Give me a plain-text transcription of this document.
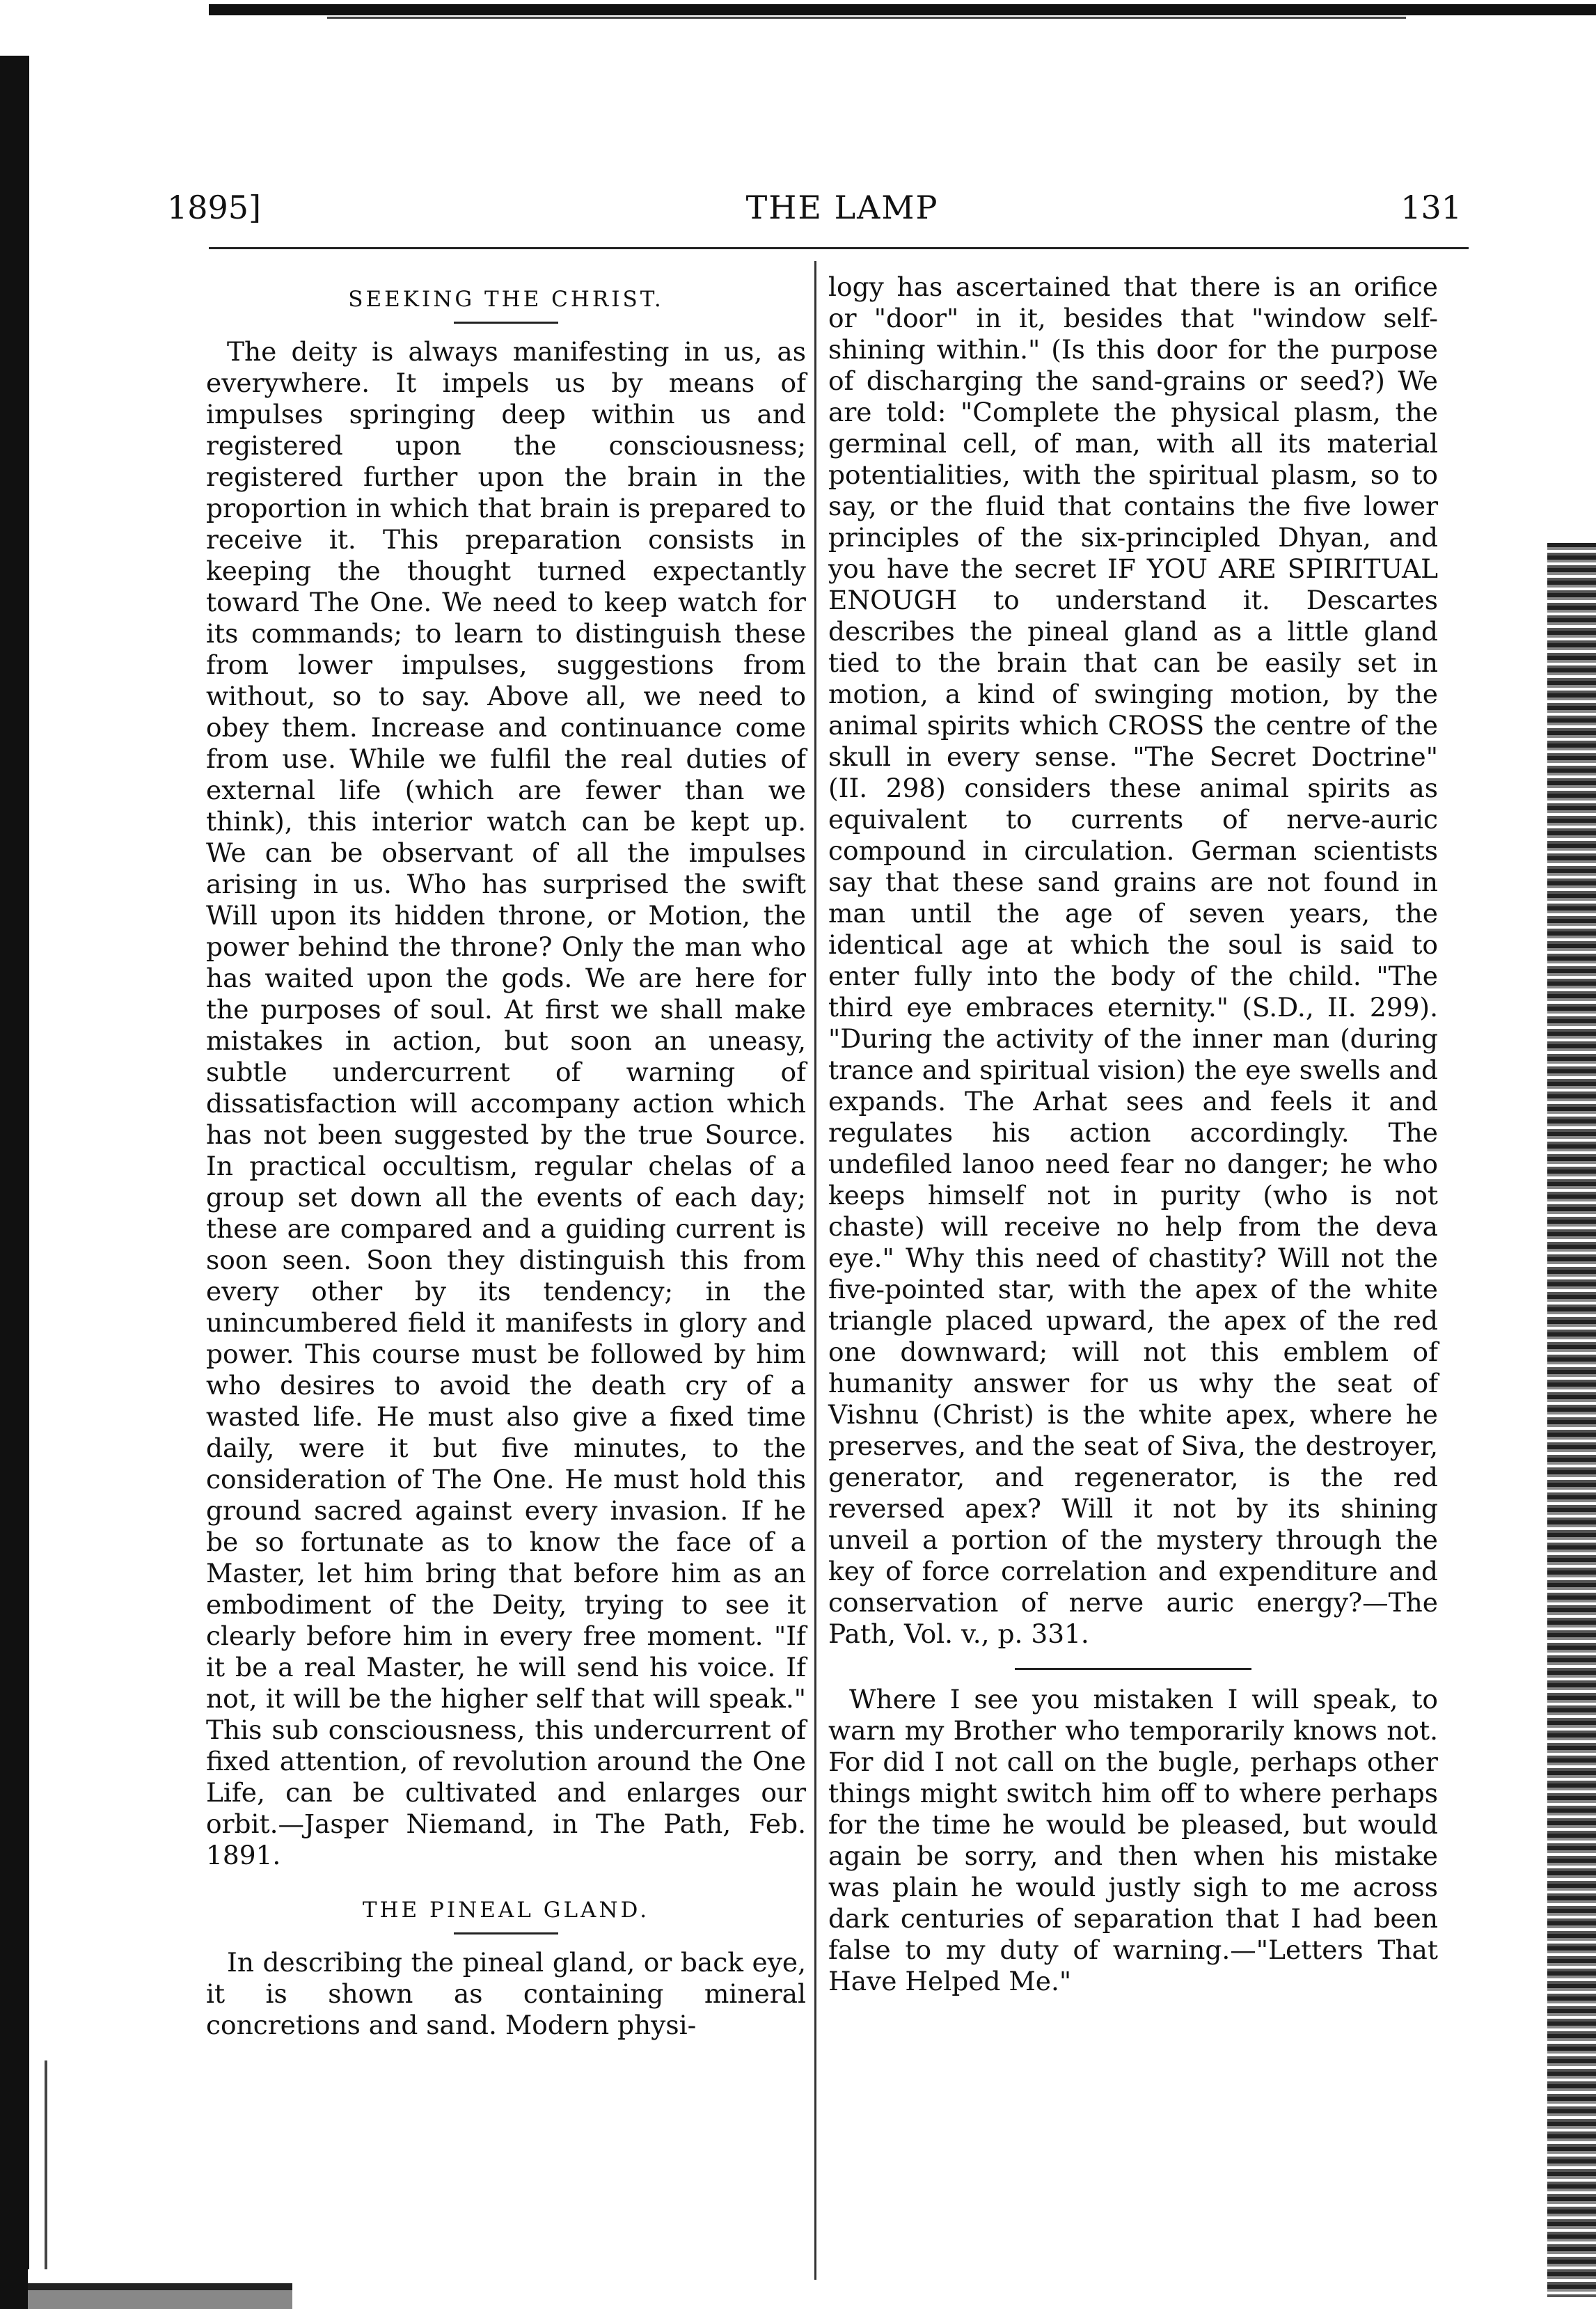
1895]	THE LAMP	131
SEEKING THE CHRIST.

The deity is always manifesting in us, as everywhere. It impels us by means of impulses springing deep within us and registered upon the consciousness; registered further upon the brain in the proportion in which that brain is prepared to receive it. This preparation consists in keeping the thought turned expectantly toward The One. We need to keep watch for its commands; to learn to distinguish these from lower impulses, suggestions from without, so to say. Above all, we need to obey them. Increase and continuance come from use. While we fulfil the real duties of external life (which are fewer than we think), this interior watch can be kept up. We can be observant of all the impulses arising in us. Who has surprised the swift Will upon its hidden throne, or Motion, the power behind the throne? Only the man who has waited upon the gods. We are here for the purposes of soul. At first we shall make mistakes in action, but soon an uneasy, subtle undercurrent of warning of dissatisfaction will accompany action which has not been suggested by the true Source. In practical occultism, regular chelas of a group set down all the events of each day; these are compared and a guiding current is soon seen. Soon they distinguish this from every other by its tendency; in the unincumbered field it manifests in glory and power. This course must be followed by him who desires to avoid the death cry of a wasted life. He must also give a fixed time daily, were it but five minutes, to the consideration of The One. He must hold this ground sacred against every invasion. If he be so fortunate as to know the face of a Master, let him bring that before him as an embodiment of the Deity, trying to see it clearly before him in every free moment. "If it be a real Master, he will send his voice. If not, it will be the higher self that will speak." This sub consciousness, this undercurrent of fixed attention, of revolution around the One Life, can be cultivated and enlarges our orbit.—Jasper Niemand, in The Path, Feb. 1891.

THE PINEAL GLAND.

In describing the pineal gland, or back eye, it is shown as containing mineral concretions and sand. Modern physi-

logy has ascertained that there is an orifice or "door" in it, besides that "window self-shining within." (Is this door for the purpose of discharging the sand-grains or seed?) We are told: "Complete the physical plasm, the germinal cell, of man, with all its material potentialities, with the spiritual plasm, so to say, or the fluid that contains the five lower principles of the six-principled Dhyan, and you have the secret IF YOU ARE SPIRITUAL ENOUGH to understand it. Descartes describes the pineal gland as a little gland tied to the brain that can be easily set in motion, a kind of swinging motion, by the animal spirits which CROSS the centre of the skull in every sense. "The Secret Doctrine" (II. 298) considers these animal spirits as equivalent to currents of nerve-auric compound in circulation. German scientists say that these sand grains are not found in man until the age of seven years, the identical age at which the soul is said to enter fully into the body of the child. "The third eye embraces eternity." (S.D., II. 299). "During the activity of the inner man (during trance and spiritual vision) the eye swells and expands. The Arhat sees and feels it and regulates his action accordingly. The undefiled lanoo need fear no danger; he who keeps himself not in purity (who is not chaste) will receive no help from the deva eye." Why this need of chastity? Will not the five-pointed star, with the apex of the white triangle placed upward, the apex of the red one downward; will not this emblem of humanity answer for us why the seat of Vishnu (Christ) is the white apex, where he preserves, and the seat of Siva, the destroyer, generator, and regenerator, is the red reversed apex? Will it not by its shining unveil a portion of the mystery through the key of force correlation and expenditure and conservation of nerve auric energy?—The Path, Vol. v., p. 331.

Where I see you mistaken I will speak, to warn my Brother who temporarily knows not. For did I not call on the bugle, perhaps other things might switch him off to where perhaps for the time he would be pleased, but would again be sorry, and then when his mistake was plain he would justly sigh to me across dark centuries of separation that I had been false to my duty of warning.—"Letters That Have Helped Me."
